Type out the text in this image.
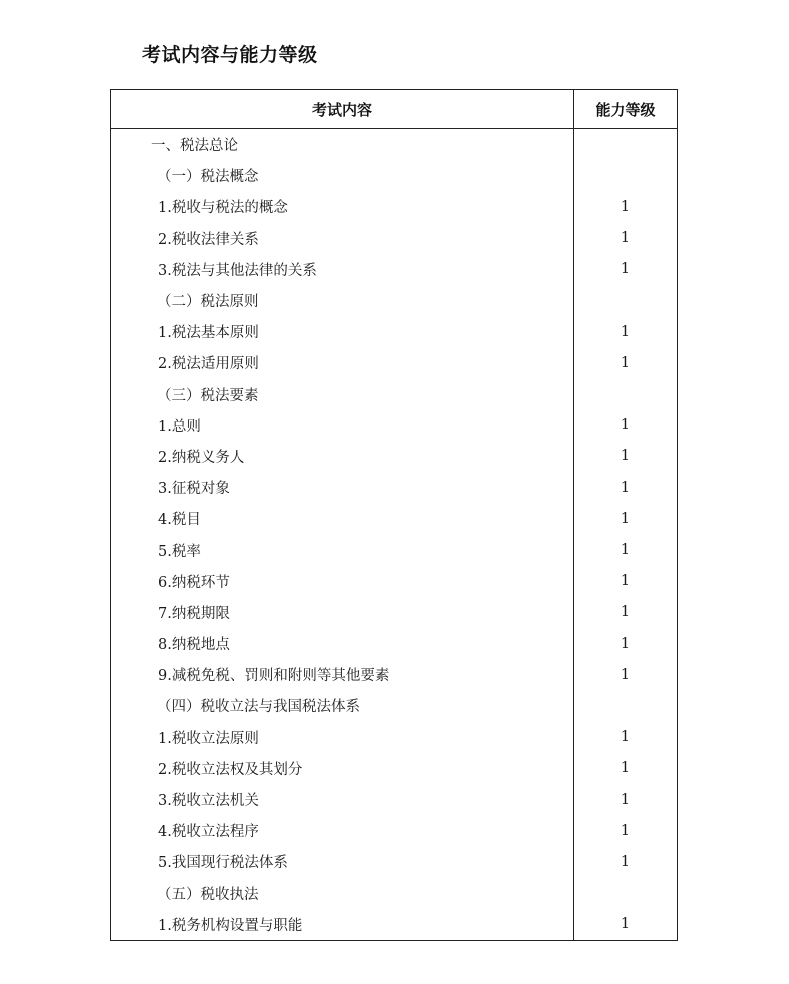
考试内容与能力等级
考试内容	能力等级
一、税法总论	
（一）税法概念	
1.税收与税法的概念	1
2.税收法律关系	1
3.税法与其他法律的关系	1
（二）税法原则	
1.税法基本原则	1
2.税法适用原则	1
（三）税法要素	
1.总则	1
2.纳税义务人	1
3.征税对象	1
4.税目	1
5.税率	1
6.纳税环节	1
7.纳税期限	1
8.纳税地点	1
9.减税免税、罚则和附则等其他要素	1
（四）税收立法与我国税法体系	
1.税收立法原则	1
2.税收立法权及其划分	1
3.税收立法机关	1
4.税收立法程序	1
5.我国现行税法体系	1
（五）税收执法	
1.税务机构设置与职能	1
